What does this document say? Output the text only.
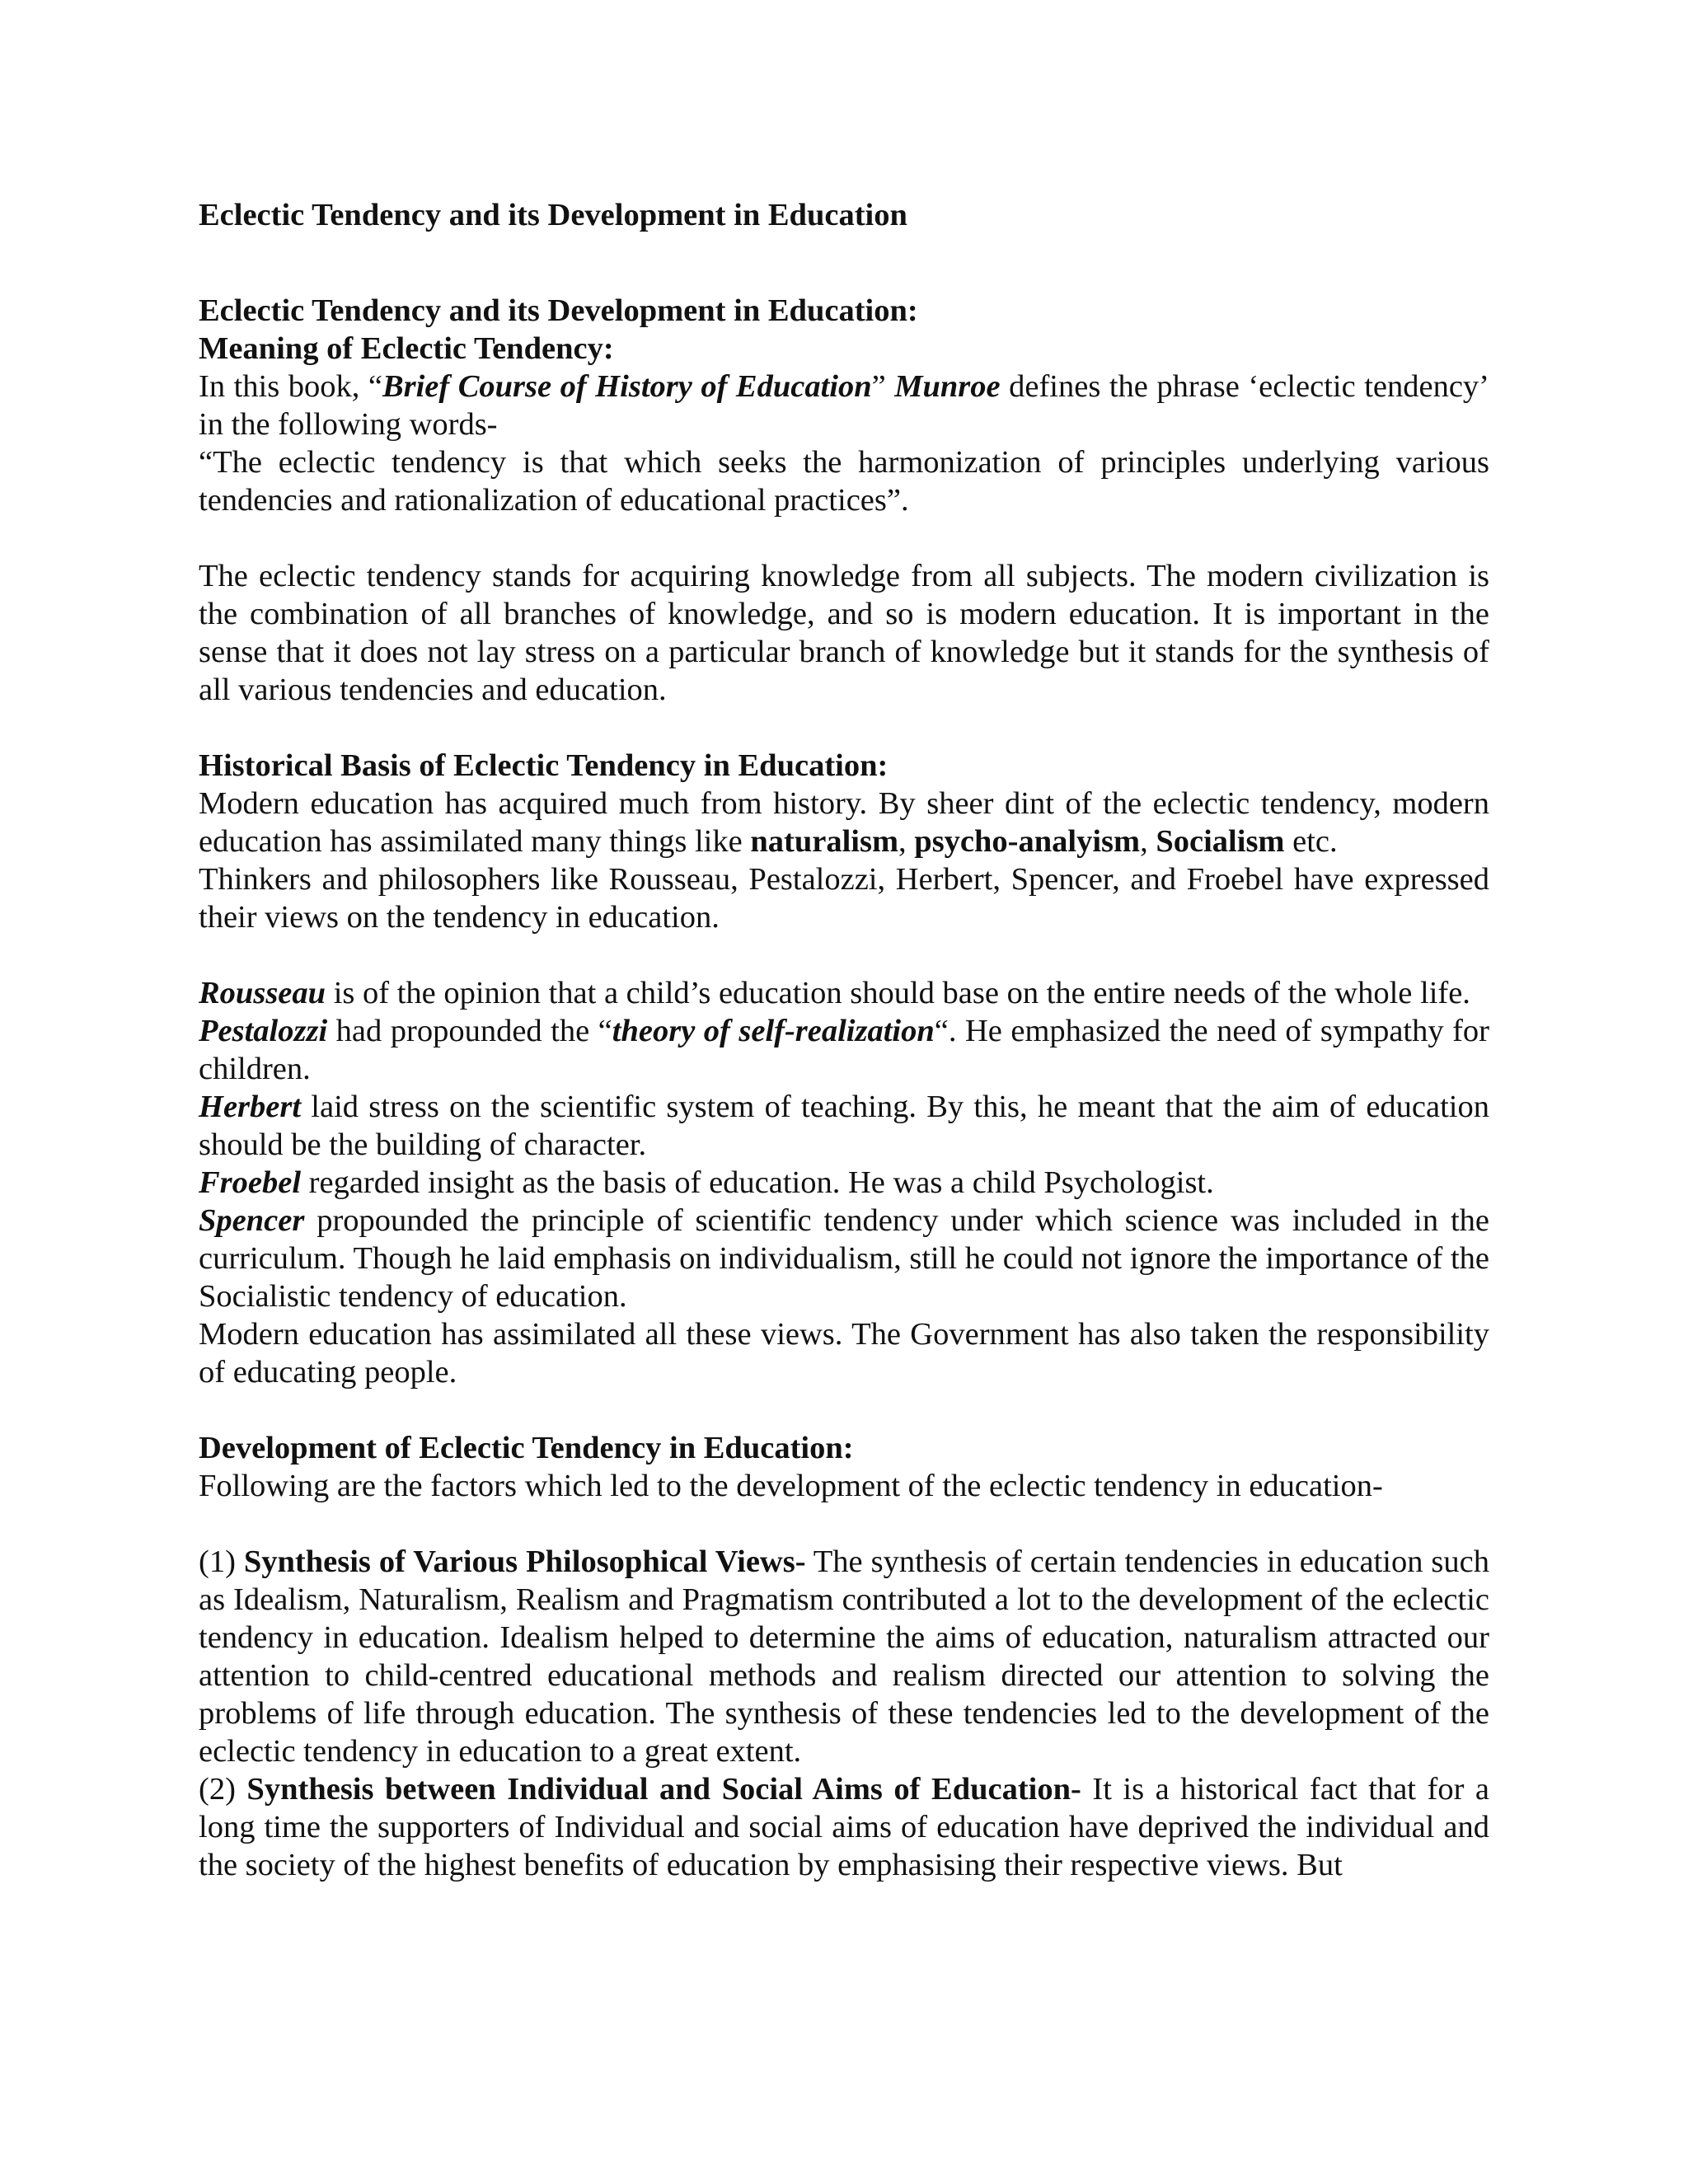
Eclectic Tendency and its Development in Education
Eclectic Tendency and its Development in Education:
Meaning of Eclectic Tendency:

In this book, “Brief Course of History of Education” Munroe defines the phrase ‘eclectic tendency’ in the following words-

“The eclectic tendency is that which seeks the harmonization of principles underlying various tendencies and rationalization of educational practices”.

The eclectic tendency stands for acquiring knowledge from all subjects. The modern civilization is the combination of all branches of knowledge, and so is modern education. It is important in the sense that it does not lay stress on a particular branch of knowledge but it stands for the synthesis of all various tendencies and education.

Historical Basis of Eclectic Tendency in Education:

Modern education has acquired much from history. By sheer dint of the eclectic tendency, modern education has assimilated many things like naturalism, psycho-analyism, Socialism etc.

Thinkers and philosophers like Rousseau, Pestalozzi, Herbert, Spencer, and Froebel have expressed their views on the tendency in education.

Rousseau is of the opinion that a child’s education should base on the entire needs of the whole life.

Pestalozzi had propounded the “theory of self-realization“. He emphasized the need of sympathy for children.

Herbert laid stress on the scientific system of teaching. By this, he meant that the aim of education should be the building of character.

Froebel regarded insight as the basis of education. He was a child Psychologist.

Spencer propounded the principle of scientific tendency under which science was included in the curriculum. Though he laid emphasis on individualism, still he could not ignore the importance of the Socialistic tendency of education.

Modern education has assimilated all these views. The Government has also taken the responsibility of educating people.

Development of Eclectic Tendency in Education:

Following are the factors which led to the development of the eclectic tendency in education-

(1) Synthesis of Various Philosophical Views- The synthesis of certain tendencies in education such as Idealism, Naturalism, Realism and Pragmatism contributed a lot to the development of the eclectic tendency in education. Idealism helped to determine the aims of education, naturalism attracted our attention to child-centred educational methods and realism directed our attention to solving the problems of life through education. The synthesis of these tendencies led to the development of the eclectic tendency in education to a great extent.

(2) Synthesis between Individual and Social Aims of Education- It is a historical fact that for a long time the supporters of Individual and social aims of education have deprived the individual and the society of the highest benefits of education by emphasising their respective views. But
